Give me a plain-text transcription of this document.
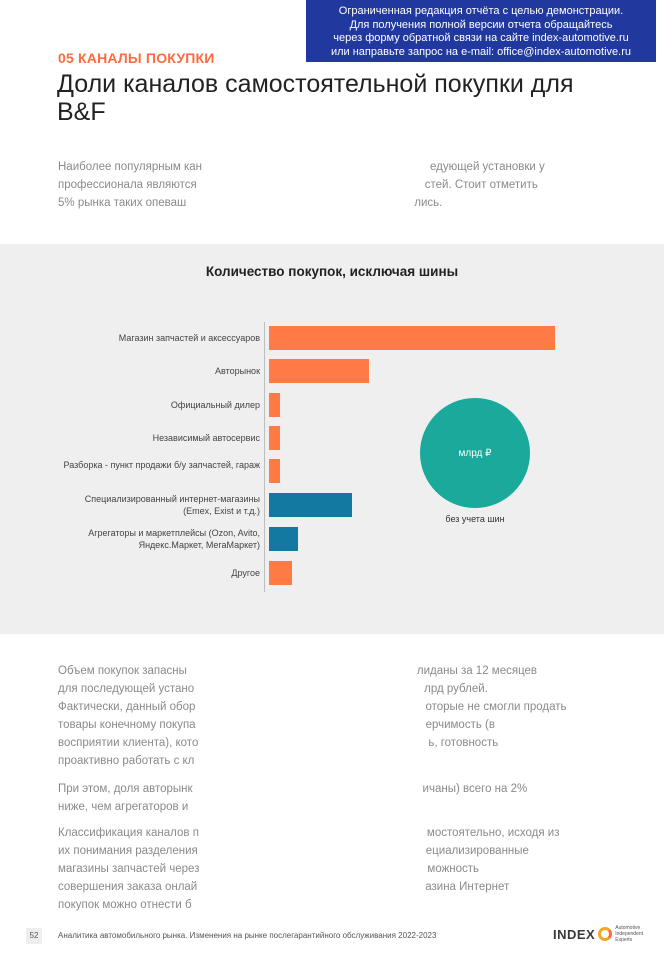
Ограниченная редакция отчёта с целью демонстрации.
Для получения полной версии отчета обращайтесь
через форму обратной связи на сайте index-automotive.ru
или направьте запрос на e-mail: office@index-automotive.ru
05 КАНАЛЫ ПОКУПКИ
Доли каналов самостоятельной покупки для B&F
Наиболее популярным кан	едующей установки у
профессионала являются	стей. Стоит отметить
5% рынка таких опеваш	лись.
Количество покупок, исключая шины
Магазин запчастей и аксессуаров
Авторынок
Официальный дилер
Независимый автосервис
Разборка - пункт продажи б/у запчастей, гараж
Специализированный интернет-магазины (Emex, Exist и т.д.)
Агрегаторы и маркетплейсы (Ozon, Avito, Яндекс.Маркет, МегаМаркет)
Другое
млрд ₽
без учета шин
Объем покупок запасны	лиданы за 12 месяцев
для последующей устано	лрд рублей.
Фактически, данный обор	оторые не смогли продать
товары конечному покупа	ерчимость (в
восприятии клиента), кото	ь, готовность
проактивно работать с кл
При этом, доля авторынк	ичаны) всего на 2%
ниже, чем агрегаторов и
Классификация каналов п	мостоятельно, исходя из
их понимания разделения	ециализированные
магазины запчастей через	можность
совершения заказа онлай	азина Интернет
покупок можно отнести б
52	Аналитика автомобильного рынка. Изменения на рынке послегарантийного обслуживания 2022-2023	INDEX	Automotive
Independent
Experts
